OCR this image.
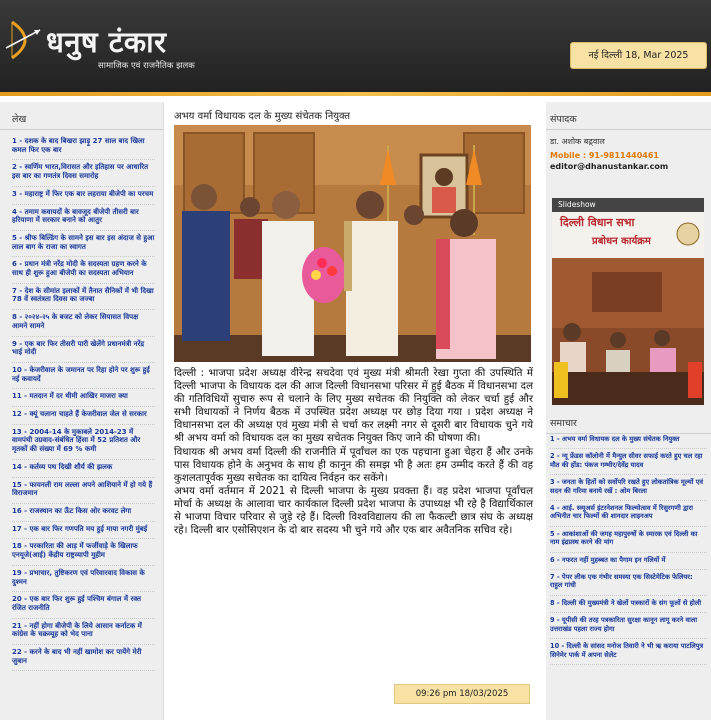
धनुष टंकार
सामाजिक एवं राजनैतिक झलक
नई दिल्ली 18, Mar 2025
लेख
1 - दशक के बाद बिखरा झाड़ू 27 साल बाद खिला कमल फिर एक बार
2 - स्वर्णिम भारत,विरासत और इतिहास पर आधारित इस बार का गणतंत्र दिवस समारोह
3 - महाराष्ट्र में फिर एक बार लहराया बीजेपी का परचम
4 - तमाम कवायदों के बावजूद बीजेपी तीसरी बार हरियाणा में सरकार बनाने को आतुर
5 - श्रीफ बिल्डिंग के सामने इस बार इस अंदाज से हुआ लाल बाग के राजा का स्वागत
6 - प्रधान मंत्री नरेंद्र मोदी के सदस्यता ग्रहण करने के साथ ही शुरू हुआ बीजेपी का सदस्यता अभियान
7 - देश के सीमांत इलाकों में तैनात सैनिकों में भी दिखा 78 वें स्वतंत्रता दिवस का जज्बा
8 - २०२४-२५ के बजट को लेकर सियासत विपक्ष आमने सामने
9 - एक बार फिर तीसरी पारी खेलेंगे प्रधानमंत्री नरेंद्र भाई मोदी
10 - केजरीवाल के जमानत पर रिहा होने पर शुरू हुई नई कवायदें
11 - मतदान में दर थीमी आखिर माजरा क्या
12 - क्यूं चलाना चाहते हैं केजरीवाल जेल से सरकार
13 - 2004-14 के मुकाबले 2014-23 में वामपंथी उग्रवाद-संबंधित हिंसा में 52 प्रतिशत और मृतकों की संख्या में 69 % कमी
14 - कर्तव्य पथ दिखी शौर्य की झलक
15 - फायनली राम लल्ला अपने आशियाने में हो गये हैं विराजमान
16 - राजस्थान का ऊँट किस ओर करवट लेगा
17 - एक बार फिर गणपति मय हुई माया नगरी मुंबई
18 - परकारिता की आड़ में फर्जीवाड़े के खिलाफ एनयूजे(आई) केंद्रीय राष्ट्रव्यापी मुहीम
19 - प्रभाचार, तुष्टिकरण एवं परिवारवाद विकास के दुश्मन
20 - एक बार फिर शुरू हुई पश्चिम बंगाल में रक्त रंजित राजनीति
21 - नहीं होगा बीजेपी के लिये आसान कर्नाटक में कांग्रेस के चक्रव्यूह को भेद पाना
22 - करने के बाद भी नहीं खामोश कर पायेंगे मेरी जुबान
अभय वर्मा विधायक दल के मुख्य संचेतक नियुक्त

दिल्ली : भाजपा प्रदेश अध्यक्ष वीरेन्द्र सचदेवा एवं मुख्य मंत्री श्रीमती रेखा गुप्ता की उपस्थिति में दिल्ली भाजपा के विधायक दल की आज दिल्ली विधानसभा परिसर में हुई बैठक में विधानसभा दल की गतिविधियों सुचारु रूप से चलाने के लिए मुख्य सचेतक की नियुक्ति को लेकर चर्चा हुई और सभी विधायकों ने निर्णय बैठक में उपस्थित प्रदेश अध्यक्ष पर छोड़ दिया गया । प्रदेश अध्यक्ष ने विधानसभा दल की अध्यक्ष एवं मुख्य मंत्री से चर्चा कर लक्ष्मी नगर से दूसरी बार विधायक चुने गये श्री अभय वर्मा को विधायक दल का मुख्य सचेतक नियुक्त किए जाने की घोषणा की।

विधायक श्री अभय वर्मा दिल्ली की राजनीति में पूर्वांचल का एक पहचाना हुआ चेहरा हैं और उनके पास विधायक होने के अनुभव के साथ ही कानून की समझ भी है अतः हम उम्मीद करते हैं की वह कुशलतापूर्वक मुख्य सचेतक का दायित्व निर्वहन कर सकेंगे।

अभय वर्मा वर्तमान में 2021 से दिल्ली भाजपा के मुख्य प्रवक्ता हैं। वह प्रदेश भाजपा पूर्वांचल मोर्चा के अध्यक्ष के आलावा चार कार्यकाल दिल्ली प्रदेश भाजपा के उपाध्यक्ष भी रहे है विद्यार्थिकाल से भाजपा विचार परिवार से जुड़े रहे हैं। दिल्ली विश्वविद्यालय की ला फैकल्टी छात्र संघ के अध्यक्ष रहे। दिल्ली बार एसोसिएशन के दो बार सदस्य भी चुने गये और एक बार अवैतनिक सचिव रहे।

09:26 pm 18/03/2025
संपादक
डा. अशोक बढ़्वाल
Mobile : 91-9811440461
editor@dhanustankar.com
Slideshow
दिल्ली विधान सभा
प्रबोधन कार्यक्रम
समाचार
1 - अभय वर्मा विधायक दल के मुख्य संचेतक नियुक्त
2 - न्यू फ्रेंडस कॉलोनी में मैन्युल सीवर सफाई करते हुए चल रहा मौत की होंड: पंकज गम्भीर/देवेंद्र यादव
3 - जनता के हितों को सर्वोपरि रखते हुए लोकतांत्रिक मूल्यों एवं सदन की गरिमा बनाये रखें : ओम बिरला
4 - आई. स्व्यूअर्स इंटरनेशनल फिल्मोत्सव में रिसुरगणी द्वारा अभिनीत चार फिल्मों की शानदार लाइनअप
5 - आकांशाओं की जगह महापुरुषों के स्मारक एवं दिल्ली का नाम इंद्रप्रस्थ करने की मांग
6 - नफरत नहीं मुहब्बत का पैगाम इन गलियों में
7 - पेपर लीक एक गंभीर समस्या एक सिस्टेमेटिक फेलियर: राहुल गांधी
8 - दिल्ली की मुख्यमंत्री ने खेलों पत्रकारों के संग फूलों से होली
9 - यूपीसी की तरह पत्रकारिता सुरक्षा कानून लागू करने वाला उत्तराखंड पहला राज्य होगा
10 - दिल्ली के सांसद मनोज तिवारी ने भी ऋ कराया पाटलिपुत्र सिनेमेर पार्क में अपना सेलेट
